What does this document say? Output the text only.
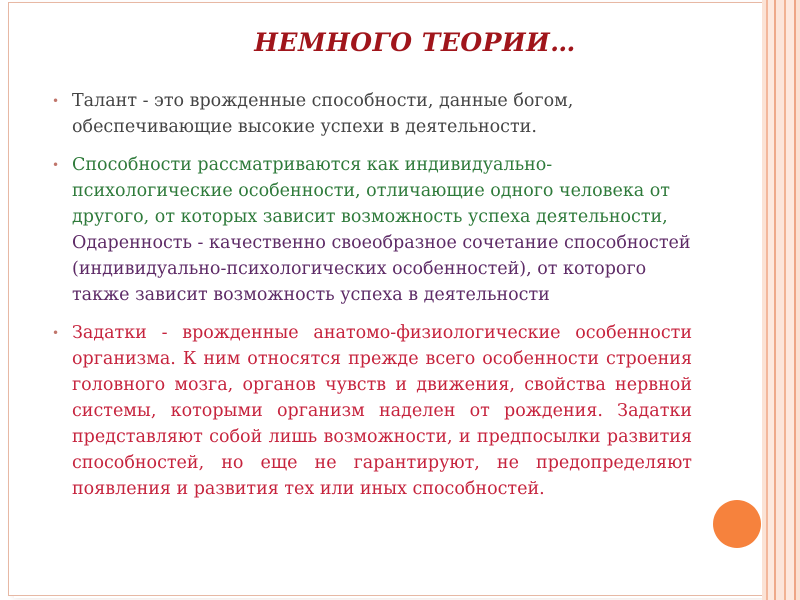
НЕМНОГО ТЕОРИИ…
• Талант - это врожденные способности, данные богом, обеспечивающие высокие успехи в деятельности.
• Способности рассматриваются как индивидуально-психологические особенности, отличающие одного человека от другого, от которых зависит возможность успеха деятельности, Одаренность - качественно своеобразное сочетание способностей (индивидуально-психологических особенностей), от которого также зависит возможность успеха в деятельности
• Задатки - врожденные анатомо-физиологические особенности организма. К ним относятся прежде всего особенности строения головного мозга, органов чувств и движения, свойства нервной системы, которыми организм наделен от рождения. Задатки представляют собой лишь возможности, и предпосылки развития способностей, но еще не гарантируют, не предопределяют появления и развития тех или иных способностей.
